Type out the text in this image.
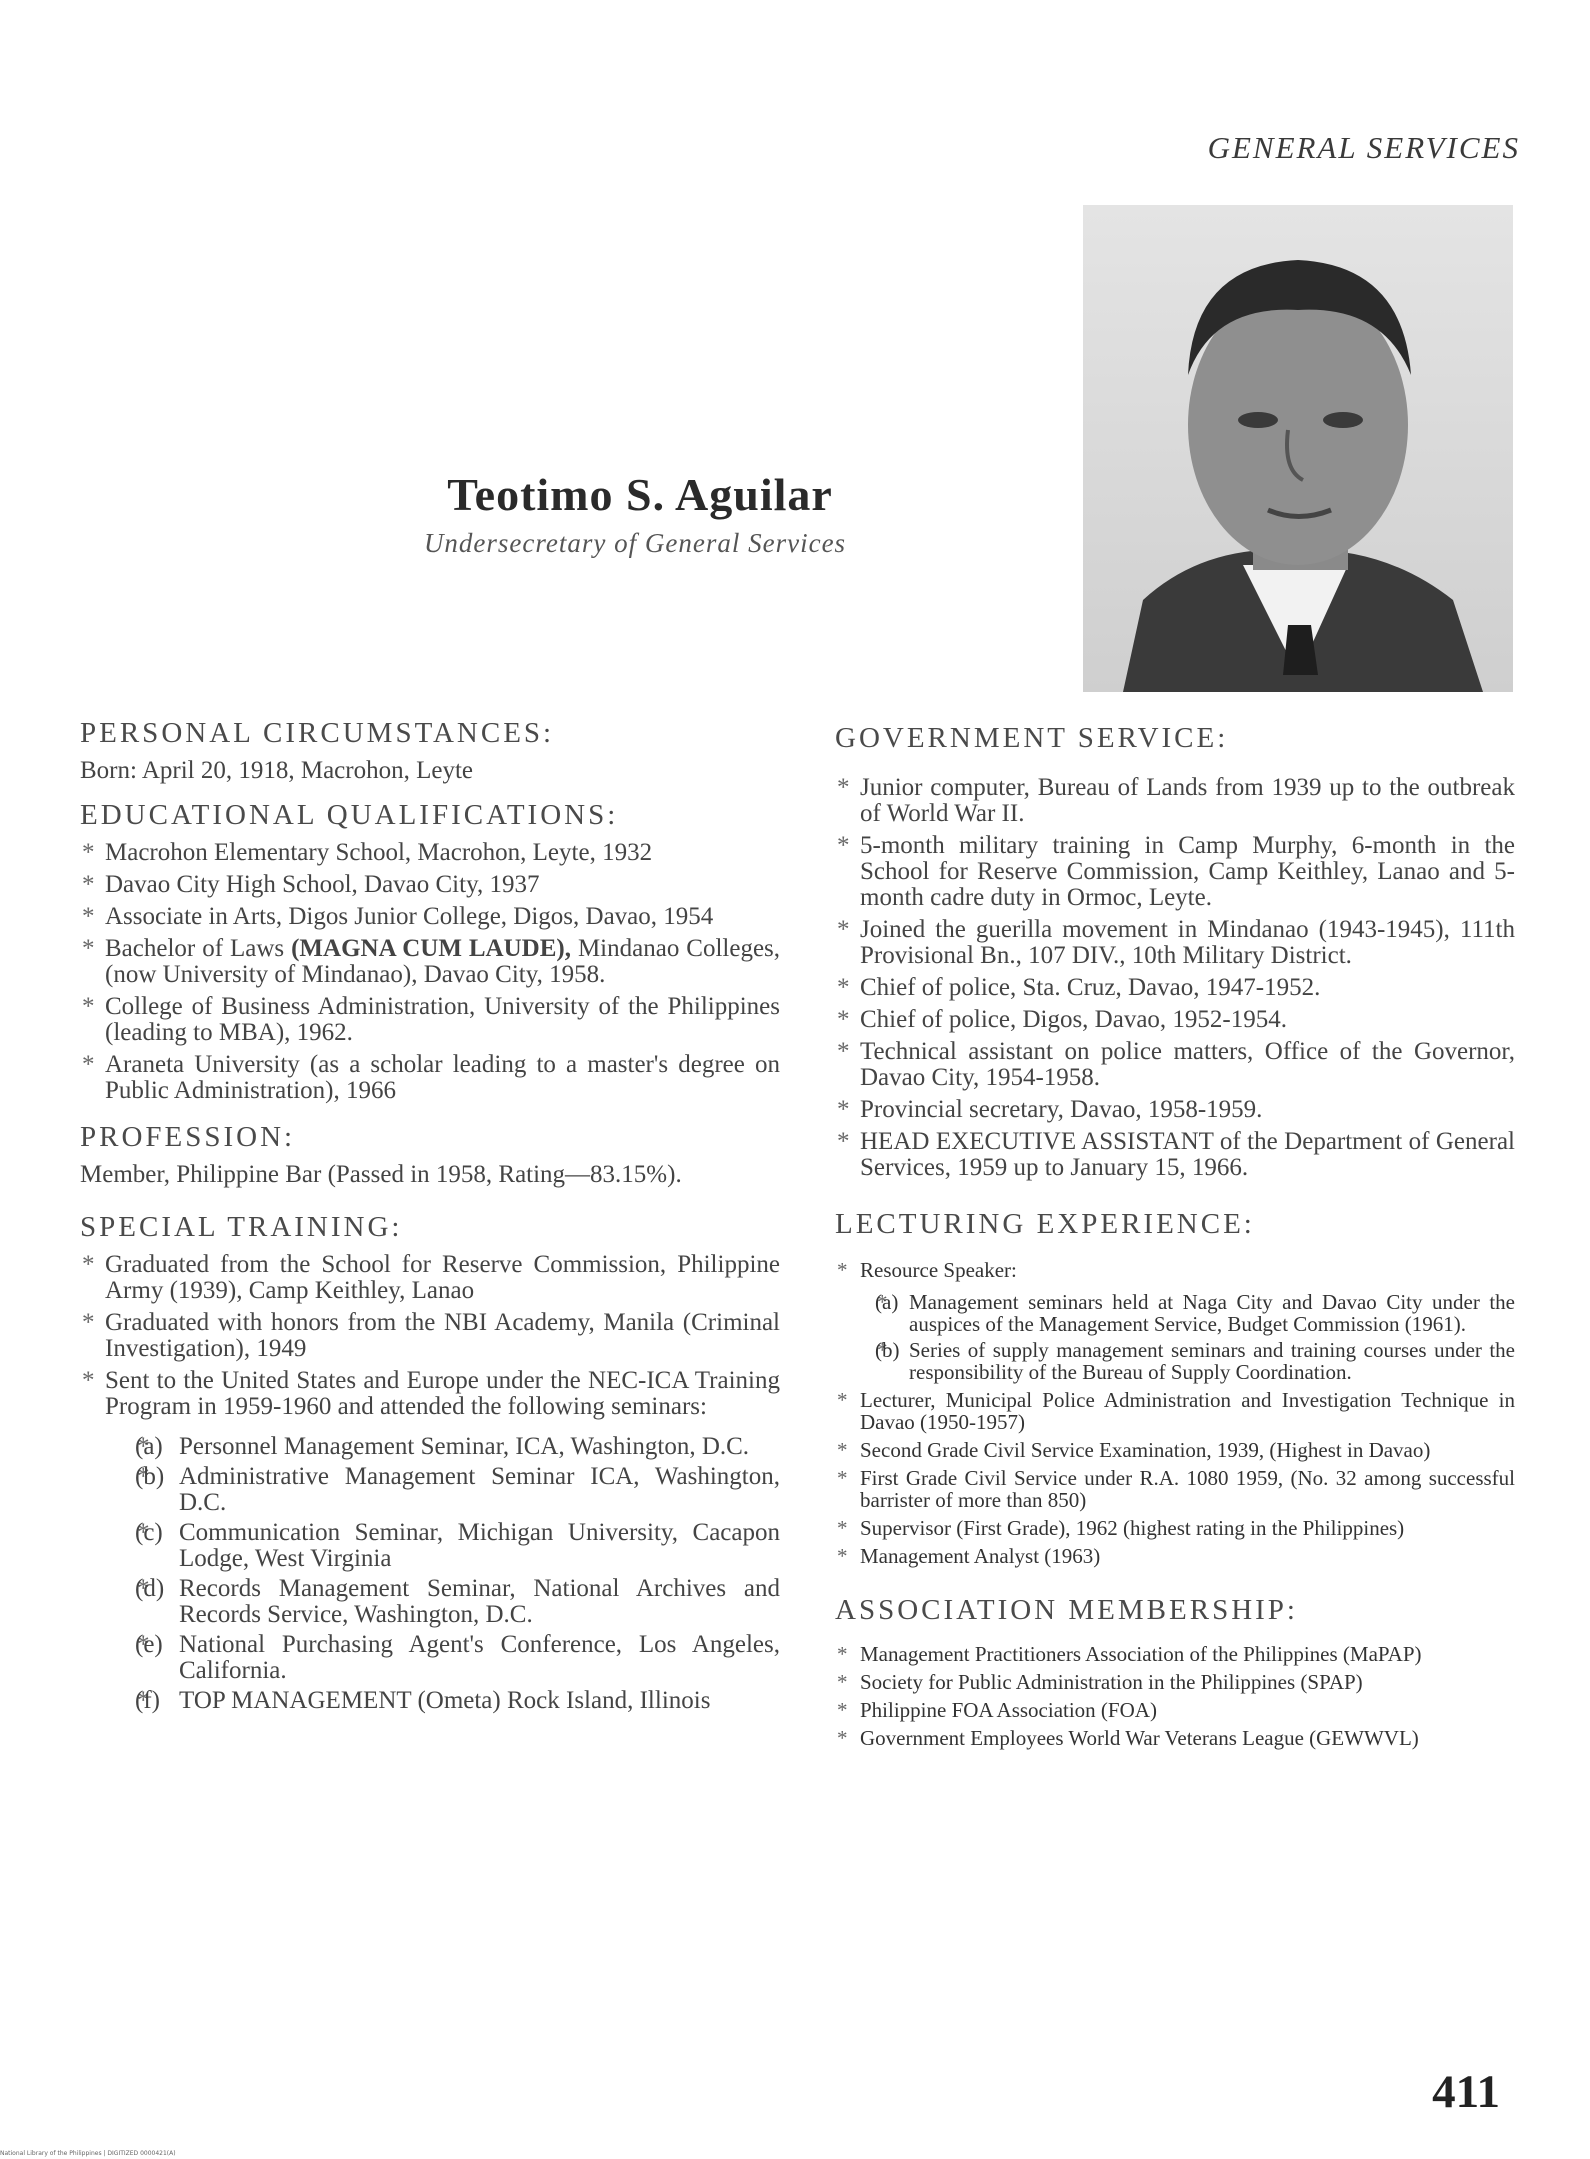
GENERAL SERVICES
Teotimo S. Aguilar
Undersecretary of General Services
PERSONAL CIRCUMSTANCES:
Born: April 20, 1918, Macrohon, Leyte
EDUCATIONAL QUALIFICATIONS:
* Macrohon Elementary School, Macrohon, Leyte, 1932
* Davao City High School, Davao City, 1937
* Associate in Arts, Digos Junior College, Digos, Davao, 1954
* Bachelor of Laws (MAGNA CUM LAUDE), Mindanao Colleges, (now University of Mindanao), Davao City, 1958.
* College of Business Administration, University of the Philippines (leading to MBA), 1962.
* Araneta University (as a scholar leading to a master's degree on Public Administration), 1966
PROFESSION:
Member, Philippine Bar (Passed in 1958, Rating—83.15%).
SPECIAL TRAINING:
* Graduated from the School for Reserve Commission, Philippine Army (1939), Camp Keithley, Lanao
* Graduated with honors from the NBI Academy, Manila (Criminal Investigation), 1949
* Sent to the United States and Europe under the NEC-ICA Training Program in 1959-1960 and attended the following seminars:
* (a) Personnel Management Seminar, ICA, Washington, D.C.
* (b) Administrative Management Seminar ICA, Washington, D.C.
* (c) Communication Seminar, Michigan University, Cacapon Lodge, West Virginia
* (d) Records Management Seminar, National Archives and Records Service, Washington, D.C.
* (e) National Purchasing Agent's Conference, Los Angeles, California.
* (f) TOP MANAGEMENT (Ometa) Rock Island, Illinois
GOVERNMENT SERVICE:
* Junior computer, Bureau of Lands from 1939 up to the outbreak of World War II.
* 5-month military training in Camp Murphy, 6-month in the School for Reserve Commission, Camp Keithley, Lanao and 5-month cadre duty in Ormoc, Leyte.
* Joined the guerilla movement in Mindanao (1943-1945), 111th Provisional Bn., 107 DIV., 10th Military District.
* Chief of police, Sta. Cruz, Davao, 1947-1952.
* Chief of police, Digos, Davao, 1952-1954.
* Technical assistant on police matters, Office of the Governor, Davao City, 1954-1958.
* Provincial secretary, Davao, 1958-1959.
* HEAD EXECUTIVE ASSISTANT of the Department of General Services, 1959 up to January 15, 1966.
LECTURING EXPERIENCE:
* Resource Speaker:
* (a) Management seminars held at Naga City and Davao City under the auspices of the Management Service, Budget Commission (1961).
* (b) Series of supply management seminars and training courses under the responsibility of the Bureau of Supply Coordination.
* Lecturer, Municipal Police Administration and Investigation Technique in Davao (1950-1957)
* Second Grade Civil Service Examination, 1939, (Highest in Davao)
* First Grade Civil Service under R.A. 1080 1959, (No. 32 among successful barrister of more than 850)
* Supervisor (First Grade), 1962 (highest rating in the Philippines)
* Management Analyst (1963)
ASSOCIATION MEMBERSHIP:
* Management Practitioners Association of the Philippines (MaPAP)
* Society for Public Administration in the Philippines (SPAP)
* Philippine FOA Association (FOA)
* Government Employees World War Veterans League (GEWWVL)
411
National Library of the Philippines | DIGITIZED 0000421(A)
